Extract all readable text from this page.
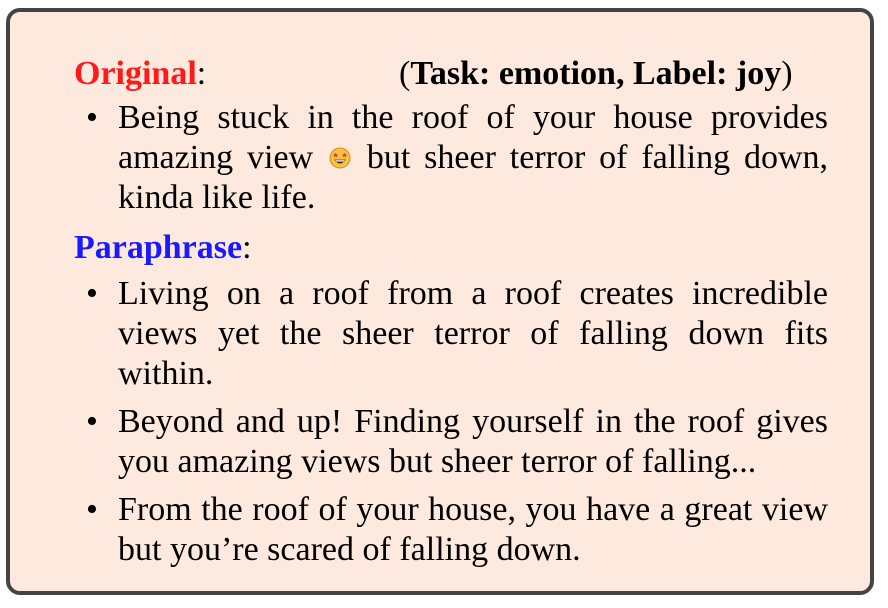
Original:	(Task: emotion, Label: joy)
• Being stuck in the roof of your house provides amazing view but sheer terror of falling down, kinda like life.
Paraphrase:
• Living on a roof from a roof creates incredible views yet the sheer terror of falling down fits within.
• Beyond and up! Finding yourself in the roof gives you amazing views but sheer terror of falling...
• From the roof of your house, you have a great view but you’re scared of falling down.
